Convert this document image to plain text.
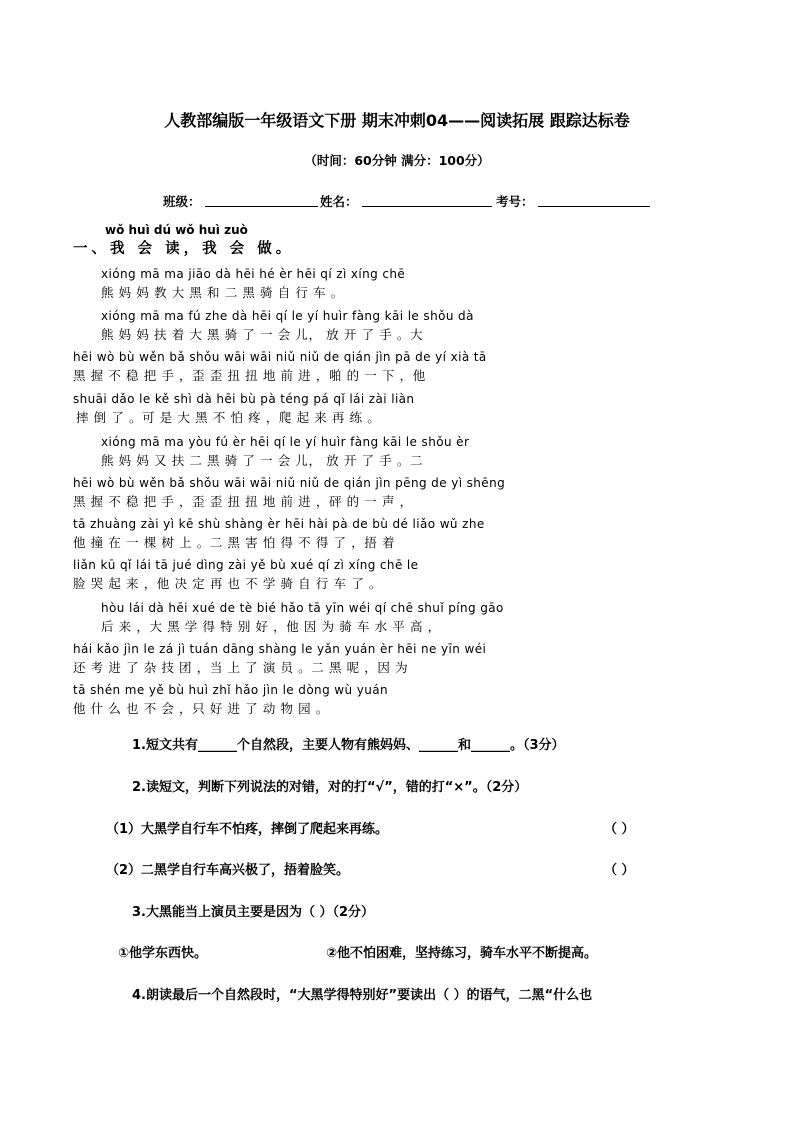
人教部编版一年级语文下册 期末冲刺04——阅读拓展 跟踪达标卷
（时间：60分钟 满分：100分）
班级：	姓名：	考号：
wǒ huì dú wǒ huì zuò
一、我 会 读，我 会 做。
xióng mā ma jiāo dà hēi hé èr hēi qí zì xíng chē
熊 妈 妈 教 大 黑 和 二 黑 骑 自 行 车 。
xióng mā ma fú zhe dà hēi qí le yí huìr fàng kāi le shǒu dà
熊 妈 妈 扶 着 大 黑 骑 了 一 会 儿， 放 开 了 手 。大
hēi wò bù wěn bǎ shǒu wāi wāi niǔ niǔ de qián jìn pā de yí xià tā
黑 握 不 稳 把 手 ，歪 歪 扭 扭 地 前 进 ，啪 的 一 下 ，他
shuāi dǎo le kě shì dà hēi bù pà téng pá qǐ lái zài liàn
摔 倒 了 。可 是 大 黑 不 怕 疼 ，爬 起 来 再 练 。
xióng mā ma yòu fú èr hēi qí le yí huìr fàng kāi le shǒu èr
熊 妈 妈 又 扶 二 黑 骑 了 一 会 儿， 放 开 了 手 。二
hēi wò bù wěn bǎ shǒu wāi wāi niǔ niǔ de qián jìn pēng de yì shēng
黑 握 不 稳 把 手 ，歪 歪 扭 扭 地 前 进 ，砰 的 一 声 ，
tā zhuàng zài yì kē shù shàng èr hēi hài pà de bù dé liǎo wǔ zhe
他 撞 在 一 棵 树 上 。二 黑 害 怕 得 不 得 了 ，捂 着
liǎn kū qǐ lái tā jué dìng zài yě bù xué qí zì xíng chē le
脸 哭 起 来 ，他 决 定 再 也 不 学 骑 自 行 车 了 。
hòu lái dà hēi xué de tè bié hǎo tā yīn wéi qí chē shuǐ píng gāo
后 来 ，大 黑 学 得 特 别 好 ，他 因 为 骑 车 水 平 高 ，
hái kǎo jìn le zá jì tuán dāng shàng le yǎn yuán èr hēi ne yīn wéi
还 考 进 了 杂 技 团 ，当 上 了 演 员 。二 黑 呢 ，因 为
tā shén me yě bù huì zhǐ hǎo jìn le dòng wù yuán
他 什 么 也 不 会 ，只 好 进 了 动 物 园 。
1.短文共有______个自然段，主要人物有熊妈妈、______和______。（3分）
2.读短文，判断下列说法的对错，对的打“√”，错的打“×”。（2分）
（1）大黑学自行车不怕疼，摔倒了爬起来再练。	（ ）
（2）二黑学自行车高兴极了，捂着脸笑。	（ ）
3.大黑能当上演员主要是因为（ ）（2分）
①他学东西快。	②他不怕困难，坚持练习，骑车水平不断提高。
4.朗读最后一个自然段时，“大黑学得特别好”要读出（ ）的语气，二黑“什么也
